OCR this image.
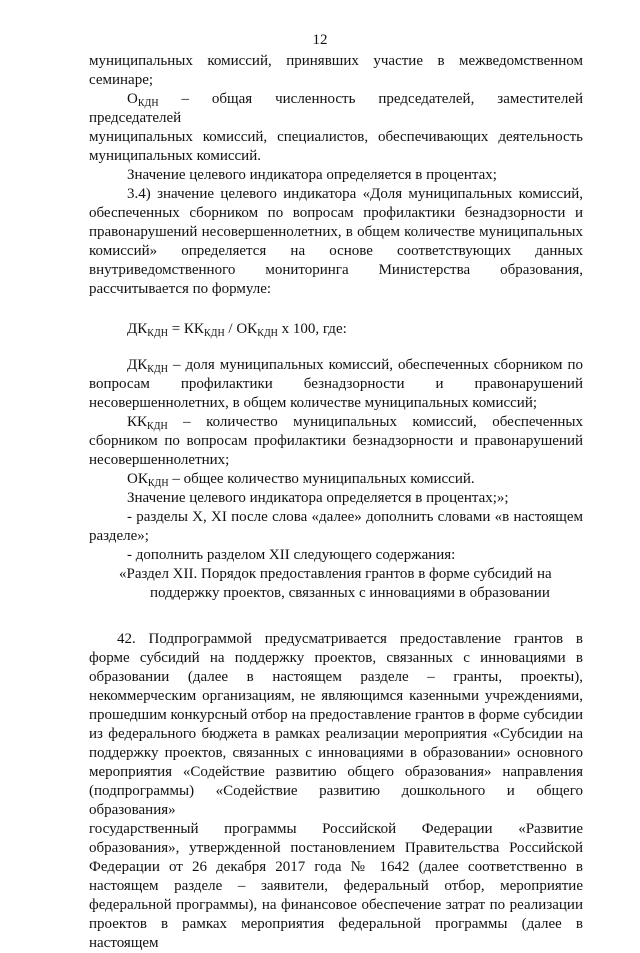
12

муниципальных комиссий, принявших участие в межведомственном

семинаре;

$О_{КДН}$ – общая численность председателей, заместителей председателей

муниципальных комиссий, специалистов, обеспечивающих деятельность

муниципальных комиссий.

Значение целевого индикатора определяется в процентах;

3.4) значение целевого индикатора «Доля муниципальных комиссий,

обеспеченных сборником по вопросам профилактики безнадзорности и

правонарушений несовершеннолетних, в общем количестве муниципальных

комиссий» определяется на основе соответствующих данных

внутриведомственного мониторинга Министерства образования,

рассчитывается по формуле:

$ДК_{КДН} = КК_{КДН} / ОК_{КДН}$ х 100, где:

$ДК_{КДН}$ – доля муниципальных комиссий, обеспеченных сборником по

вопросам профилактики безнадзорности и правонарушений

несовершеннолетних, в общем количестве муниципальных комиссий;

$КК_{КДН}$ – количество муниципальных комиссий, обеспеченных

сборником по вопросам профилактики безнадзорности и правонарушений

несовершеннолетних;

$ОК_{КДН}$ – общее количество муниципальных комиссий.

Значение целевого индикатора определяется в процентах;»;

- разделы X, XI после слова «далее» дополнить словами «в настоящем

разделе»;

- дополнить разделом XII следующего содержания:

«Раздел XII. Порядок предоставления грантов в форме субсидий на

поддержку проектов, связанных с инновациями в образовании

42. Подпрограммой предусматривается предоставление грантов в

форме субсидий на поддержку проектов, связанных с инновациями в

образовании (далее в настоящем разделе – гранты, проекты),

некоммерческим организациям, не являющимся казенными учреждениями,

прошедшим конкурсный отбор на предоставление грантов в форме субсидии

из федерального бюджета в рамках реализации мероприятия «Субсидии на

поддержку проектов, связанных с инновациями в образовании» основного

мероприятия «Содействие развитию общего образования» направления

(подпрограммы) «Содействие развитию дошкольного и общего образования»

государственный программы Российской Федерации «Развитие

образования», утвержденной постановлением Правительства Российской

Федерации от 26 декабря 2017 года № 1642 (далее соответственно в

настоящем разделе – заявители, федеральный отбор, мероприятие

федеральной программы), на финансовое обеспечение затрат по реализации

проектов в рамках мероприятия федеральной программы (далее в настоящем
